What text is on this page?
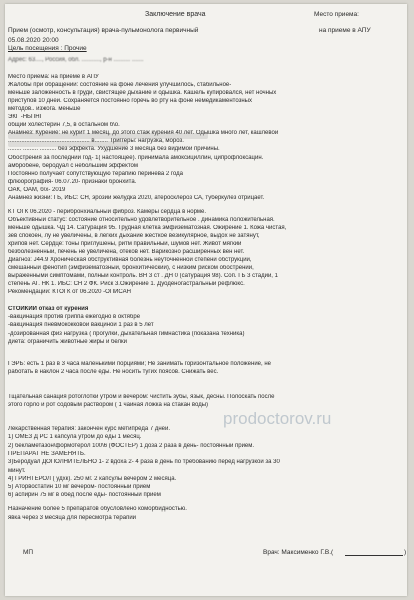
Заключение врача	Место приема:
на приеме в АПУ
Прием (осмотр, консультация) врача-пульмонолога первичный
05.08.2020 20:00
Цель посещения : Прочие
Адрес: 63...., Россия, обл. ..........., р-н .......... .......
Место приема: на приеме в АПУ
Жалобы при обращении: состояние на фоне лечения улучшилось, стабильное-
меньше заложенность в груди, свистящее дыхание и одышка. Кашель купировался, нет ночных
приступов 10 дней. Сохраняется постоянно горечь во рту на фоне немедикаментозных
методов.. изжога. меньше
ЭКГ -НБПНГ
общий холестерин 7,5, в остальном б\о.
Анамнез: Курение: не курит 1 месяц, до этого стаж курения 40 лет. Одышка много лет, кашлевой
................................................. в........ Триггеры: нагрузка, мороз.
........ ......... .......... без эффекта. Ухудшение 3 месяца без видимой причины.
Обострения за последний год- 1( настоящее). принимала амоксициллин, ципрофлоксацин.
амбробене, беродуал с небольшим эффектом
Постоянно получает сопутствующую терапию перинева 2 года
флюорография- 06.07.20- признаки бронхита.
ОАК, ОАМ, б\х- 2019
Анамнез жизни: ГБ, ИБС: СН, эрозии желудка 2020, атеросклероз СА, туберкулез отрицает.
КТ ОГК 06.2020 - перибронхиальный фиброз. Камеры сердца в норме.
Объективный статус: состояние относительно удовлетворительное . динамика положительная.
меньше одышка. ЧД 14. Сатурация 95. Грудная клетка эмфизематозная. Ожирение 1. Кожа чистая,
зев спокоен, лу не увеличены, в легких дыхание жесткое везикулярное, выдох не затянут,
хрипов нет. Сердце: тоны приглушены, ритм правильный, шумов нет. Живот мягкий
безболезненный, печень не увеличена, отеков нет. Варикозно расширенных вен нет.
Диагноз: J44.9 Хроническая обструктивная болезнь неуточненной степени обструкции,
смешанный фенотип (эмфизематозный, бронхитический), с низким риском обострений,
выраженными симптомами, полный контроль. ВН 3 ст . ДН 0 (сатурация 98). Соп. ГБ 3 стадии, 1
степень АГ. НК 1. ИБС: СН 2 ФК. Риск 3.Ожирение 1. Дуоденогастральный рефлюкс.
Рекомендации: КТОГК от 06.2020 -ОПИСАН
СТОЙКИЙ отказ от курения
-вакцинация против гриппа ежегодно в октябре
-вакцинация пневмококковой вакциной 1 раз в 5 лет
-дозированная физ нагрузка ( прогулки, дыхательная гимнастика (показана техника)
диета: ограничить животные жиры и белки
ГЭРБ: есть 1 раз в 3 часа маленькими порциями; Не занимать горизонтальное положение, не
работать в наклон 2 часа после еды. Не носить тугих поясов. Снижать вес.
Тщательная санация ротоглотки утром и вечером: чистить зубы, язык, десны. Полоскать после
этого горло и рот содовым раствором ( 1 чайная ложка на стакан воды)
Лекарственная терапия: закончен курс метипреда 7 дней.
1) ОМЕЗ Д РС 1 капсула утром до еды 1 месяц.
2) бекламетазон\формотерол 100\6 (ФОСТЕР) 1 доза 2 раза в день- постоянный прием.
ПРЕПАРАТ НЕ ЗАМЕНЯТЬ.
3)Беродуал ДОПОЛНИТЕЛЬНО 1- 2 вдоха 2- 4 раза в день по требованию перед нагрузкой за 30
минут.
4) ГРИНТЕРОЛ ( удхк). 250 мг. 2 капсулы вечером 2 месяца.
5) Аторвостатин 10 мг вечером- постоянный прием
6) аспирин 75 мг в обед после еды- постоянный прием
Назначение более 5 препаратов обусловлено коморбидностью.
явка через 3 месяца для пересмотра терапии
prodoctorov.ru
МП	Врач: Максименко Г.В.(	)
